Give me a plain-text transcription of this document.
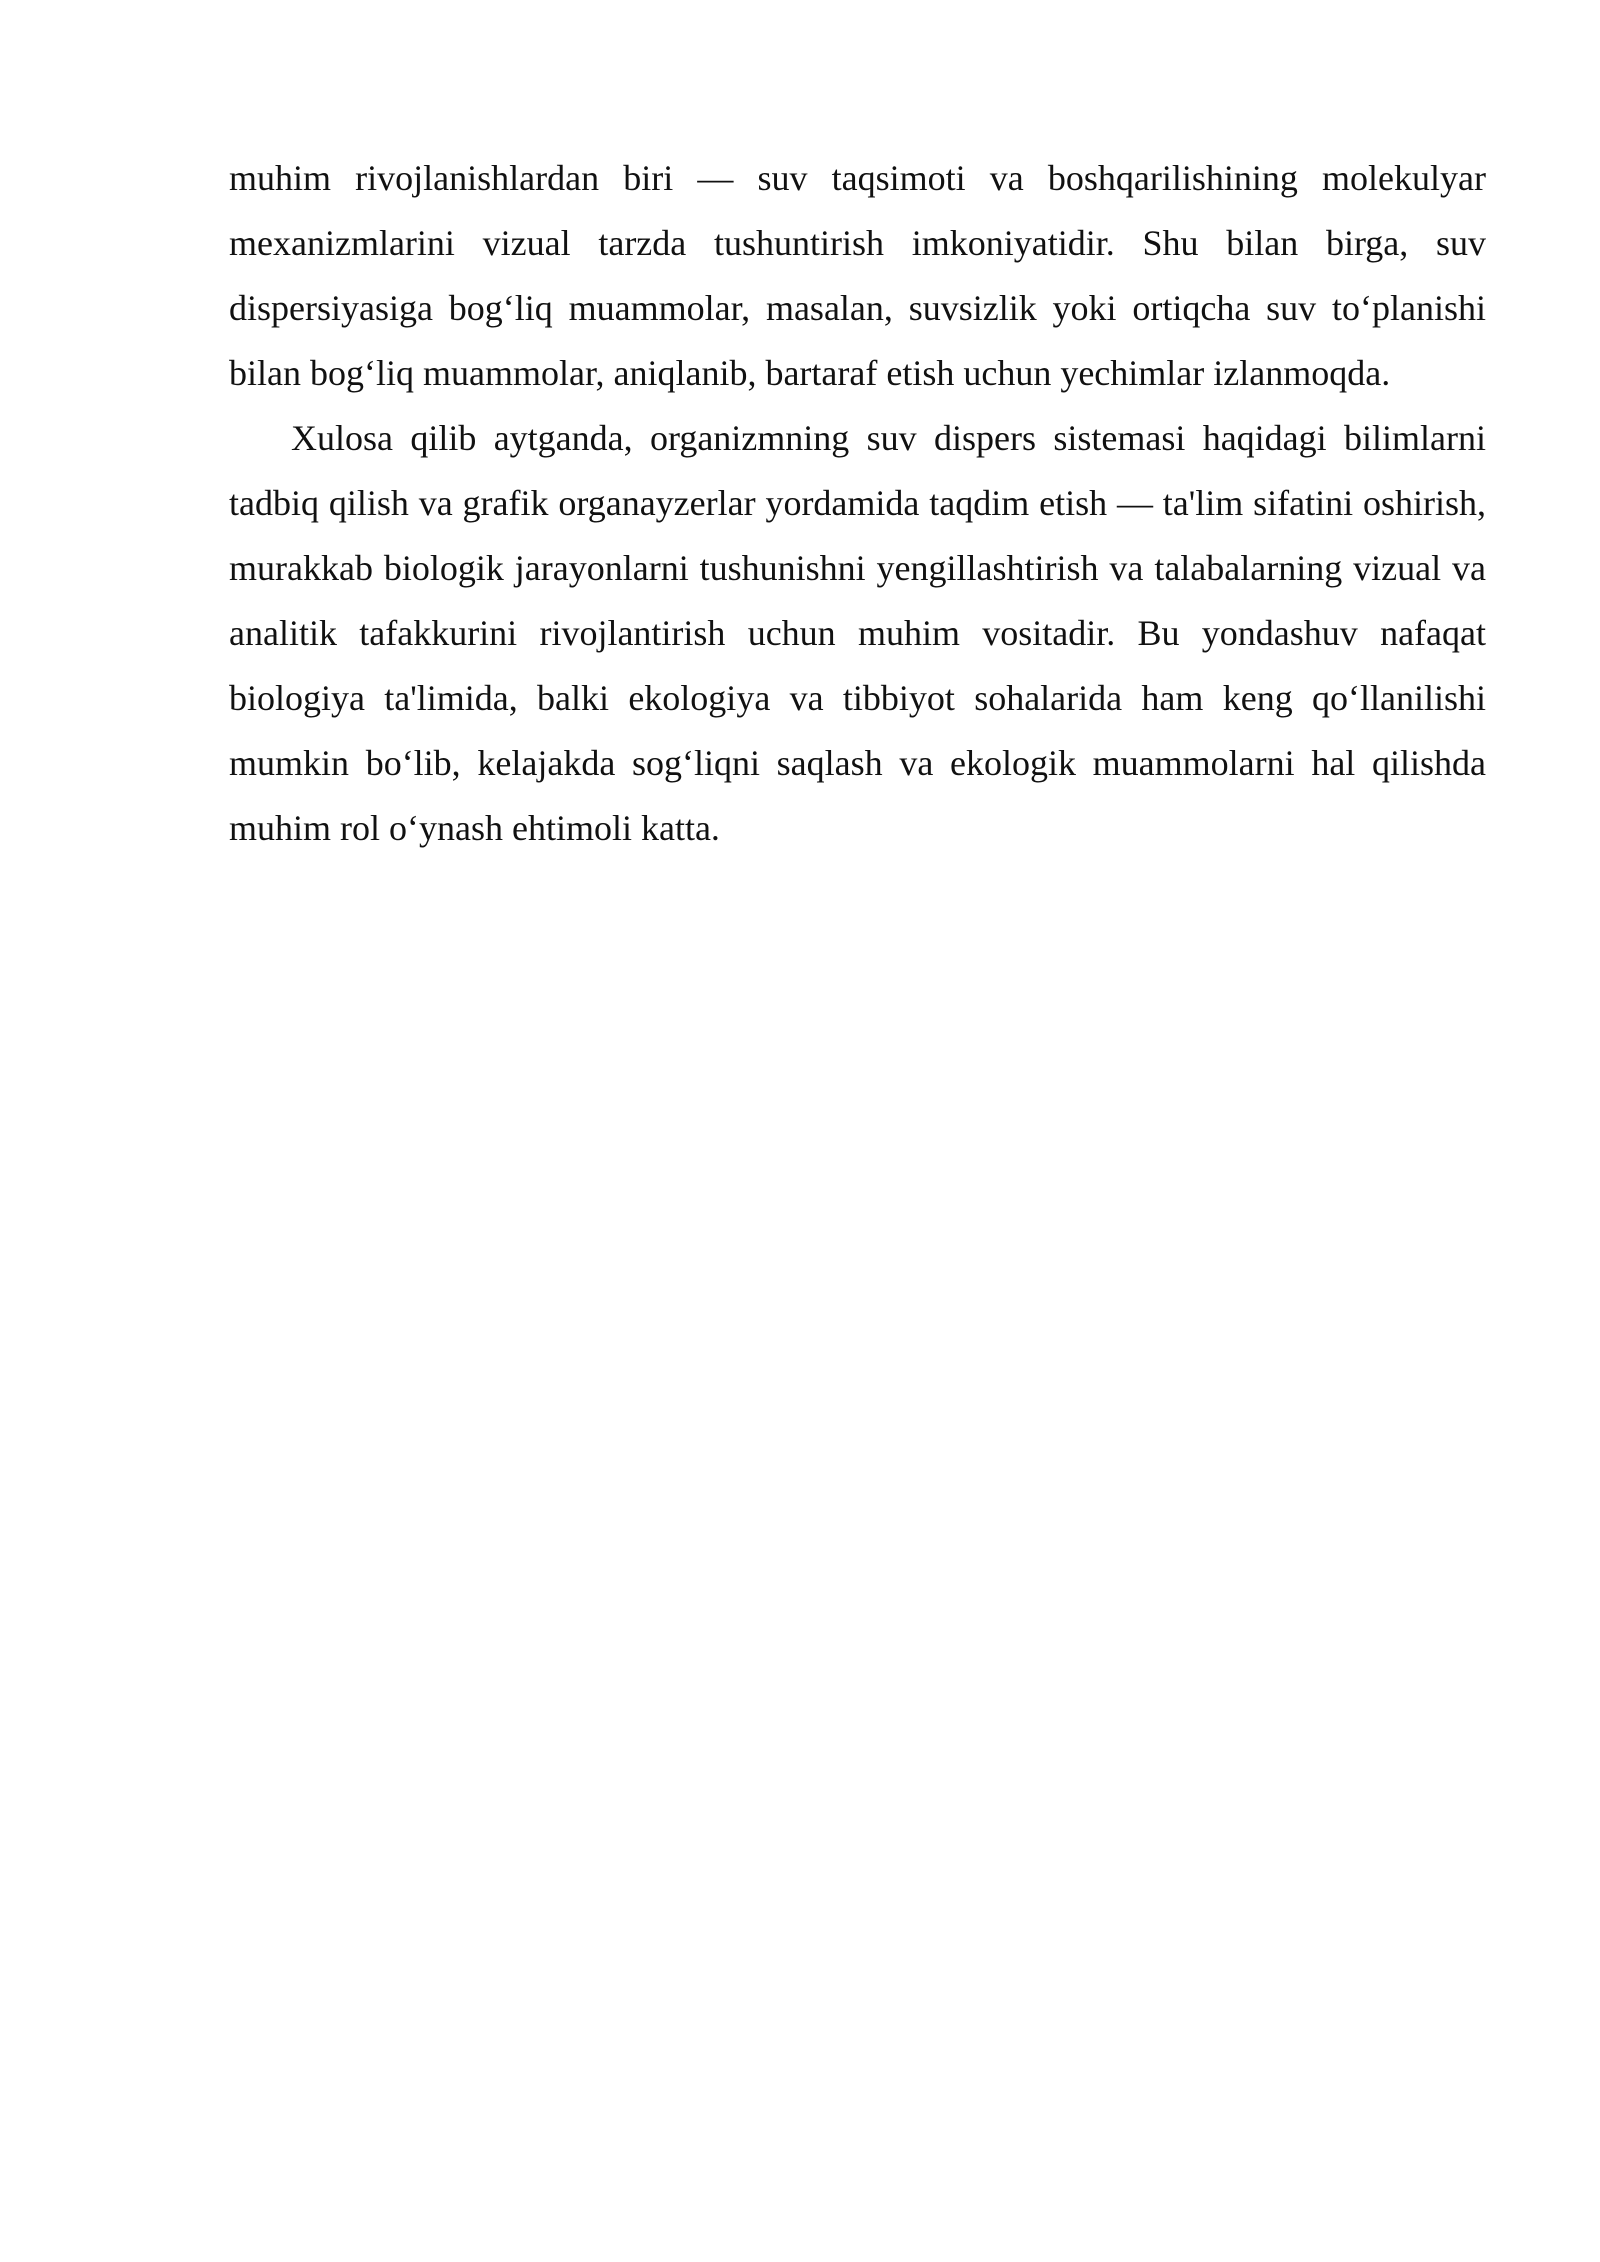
muhim rivojlanishlardan biri — suv taqsimoti va boshqarilishining molekulyar mexanizmlarini vizual tarzda tushuntirish imkoniyatidir. Shu bilan birga, suv dispersiyasiga bog‘liq muammolar, masalan, suvsizlik yoki ortiqcha suv to‘planishi bilan bog‘liq muammolar, aniqlanib, bartaraf etish uchun yechimlar izlanmoqda.

Xulosa qilib aytganda, organizmning suv dispers sistemasi haqidagi bilimlarni tadbiq qilish va grafik organayzerlar yordamida taqdim etish — ta'lim sifatini oshirish, murakkab biologik jarayonlarni tushunishni yengillashtirish va talabalarning vizual va analitik tafakkurini rivojlantirish uchun muhim vositadir. Bu yondashuv nafaqat biologiya ta'limida, balki ekologiya va tibbiyot sohalarida ham keng qo‘llanilishi mumkin bo‘lib, kelajakda sog‘liqni saqlash va ekologik muammolarni hal qilishda muhim rol o‘ynash ehtimoli katta.
